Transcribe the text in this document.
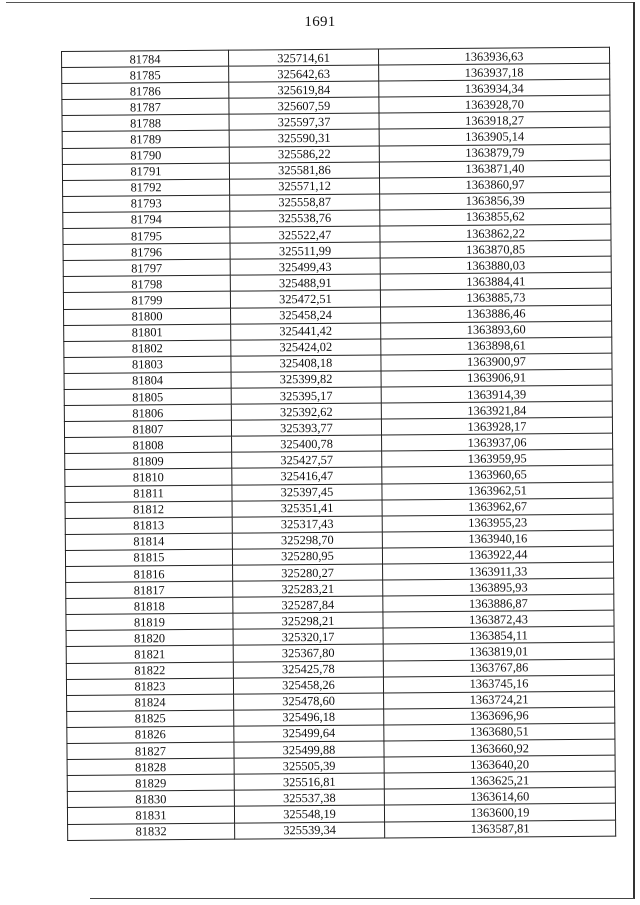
1691
81784	325714,61	1363936,63
81785	325642,63	1363937,18
81786	325619,84	1363934,34
81787	325607,59	1363928,70
81788	325597,37	1363918,27
81789	325590,31	1363905,14
81790	325586,22	1363879,79
81791	325581,86	1363871,40
81792	325571,12	1363860,97
81793	325558,87	1363856,39
81794	325538,76	1363855,62
81795	325522,47	1363862,22
81796	325511,99	1363870,85
81797	325499,43	1363880,03
81798	325488,91	1363884,41
81799	325472,51	1363885,73
81800	325458,24	1363886,46
81801	325441,42	1363893,60
81802	325424,02	1363898,61
81803	325408,18	1363900,97
81804	325399,82	1363906,91
81805	325395,17	1363914,39
81806	325392,62	1363921,84
81807	325393,77	1363928,17
81808	325400,78	1363937,06
81809	325427,57	1363959,95
81810	325416,47	1363960,65
81811	325397,45	1363962,51
81812	325351,41	1363962,67
81813	325317,43	1363955,23
81814	325298,70	1363940,16
81815	325280,95	1363922,44
81816	325280,27	1363911,33
81817	325283,21	1363895,93
81818	325287,84	1363886,87
81819	325298,21	1363872,43
81820	325320,17	1363854,11
81821	325367,80	1363819,01
81822	325425,78	1363767,86
81823	325458,26	1363745,16
81824	325478,60	1363724,21
81825	325496,18	1363696,96
81826	325499,64	1363680,51
81827	325499,88	1363660,92
81828	325505,39	1363640,20
81829	325516,81	1363625,21
81830	325537,38	1363614,60
81831	325548,19	1363600,19
81832	325539,34	1363587,81
